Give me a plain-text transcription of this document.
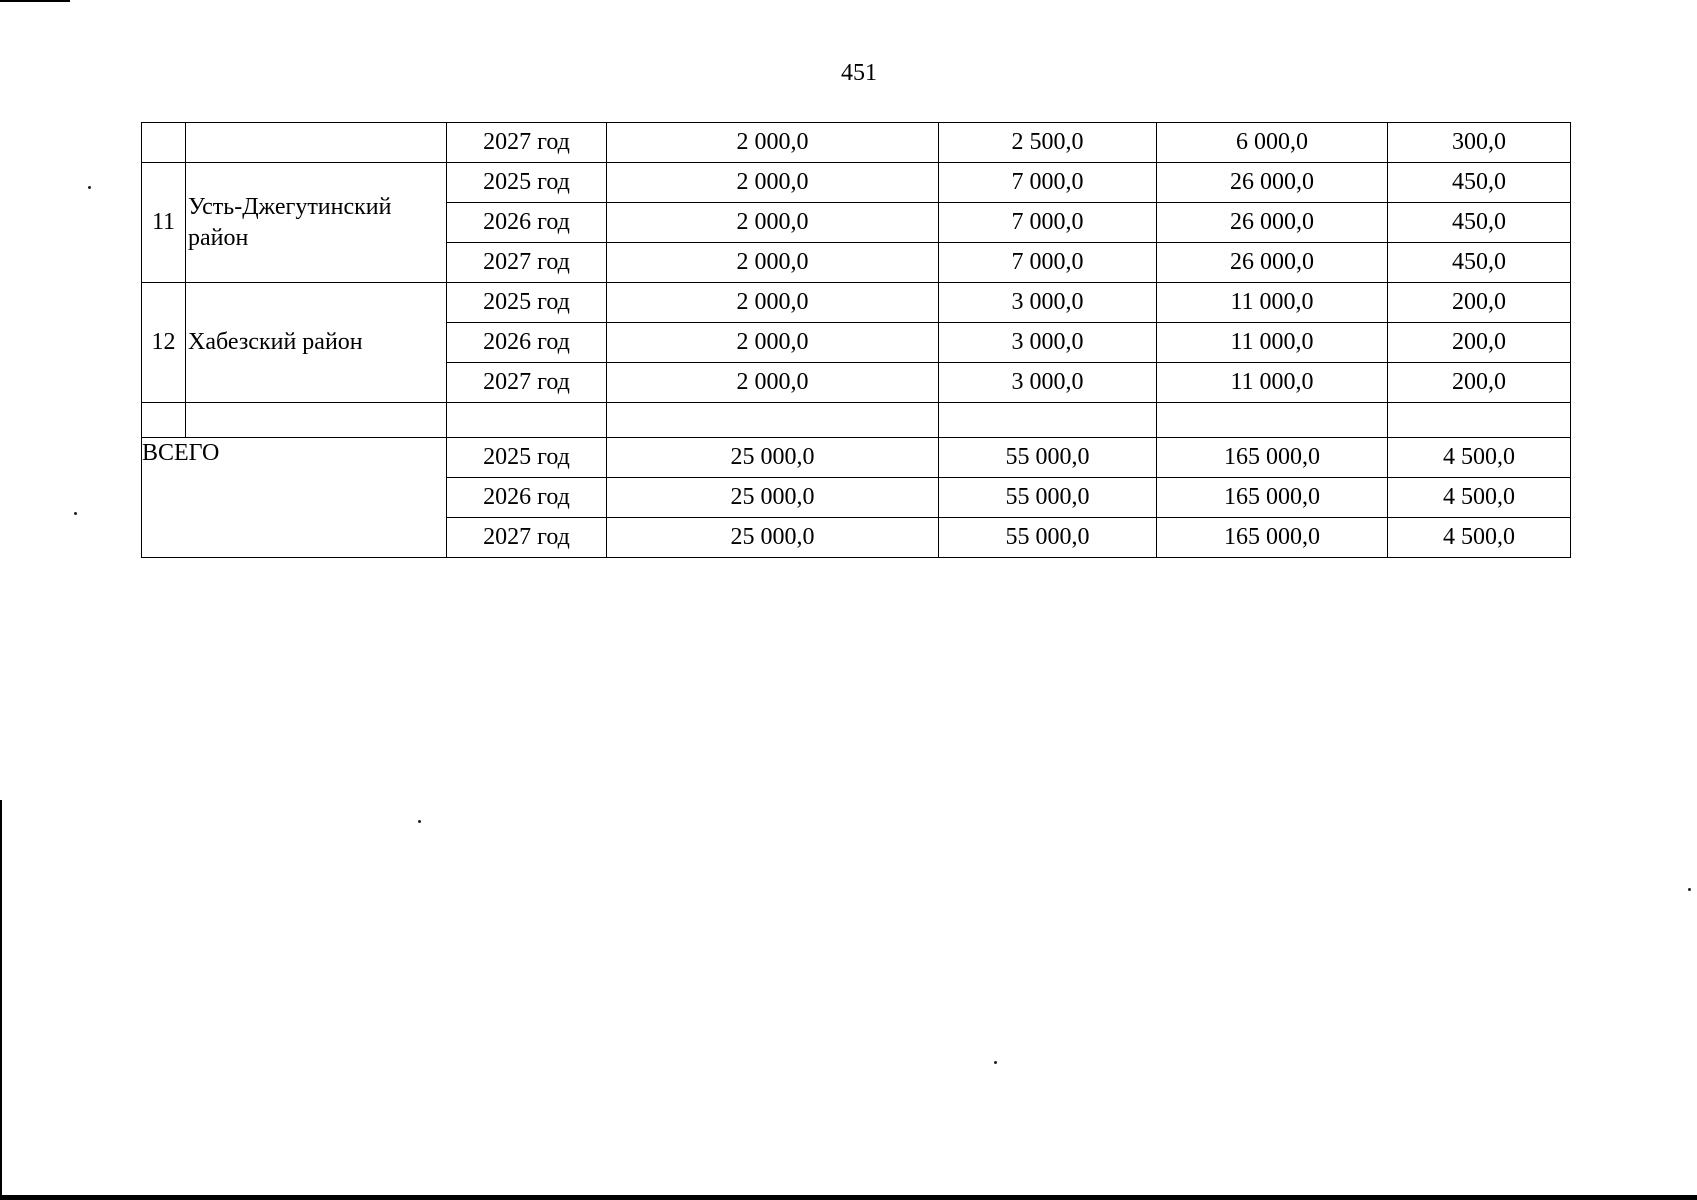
451
		2027 год	2 000,0	2 500,0	6 000,0	300,0
11	Усть-Джегутинский район	2025 год	2 000,0	7 000,0	26 000,0	450,0
		2026 год	2 000,0	7 000,0	26 000,0	450,0
		2027 год	2 000,0	7 000,0	26 000,0	450,0
12	Хабезский район	2025 год	2 000,0	3 000,0	11 000,0	200,0
		2026 год	2 000,0	3 000,0	11 000,0	200,0
		2027 год	2 000,0	3 000,0	11 000,0	200,0

ВСЕГО		2025 год	25 000,0	55 000,0	165 000,0	4 500,0
		2026 год	25 000,0	55 000,0	165 000,0	4 500,0
		2027 год	25 000,0	55 000,0	165 000,0	4 500,0
